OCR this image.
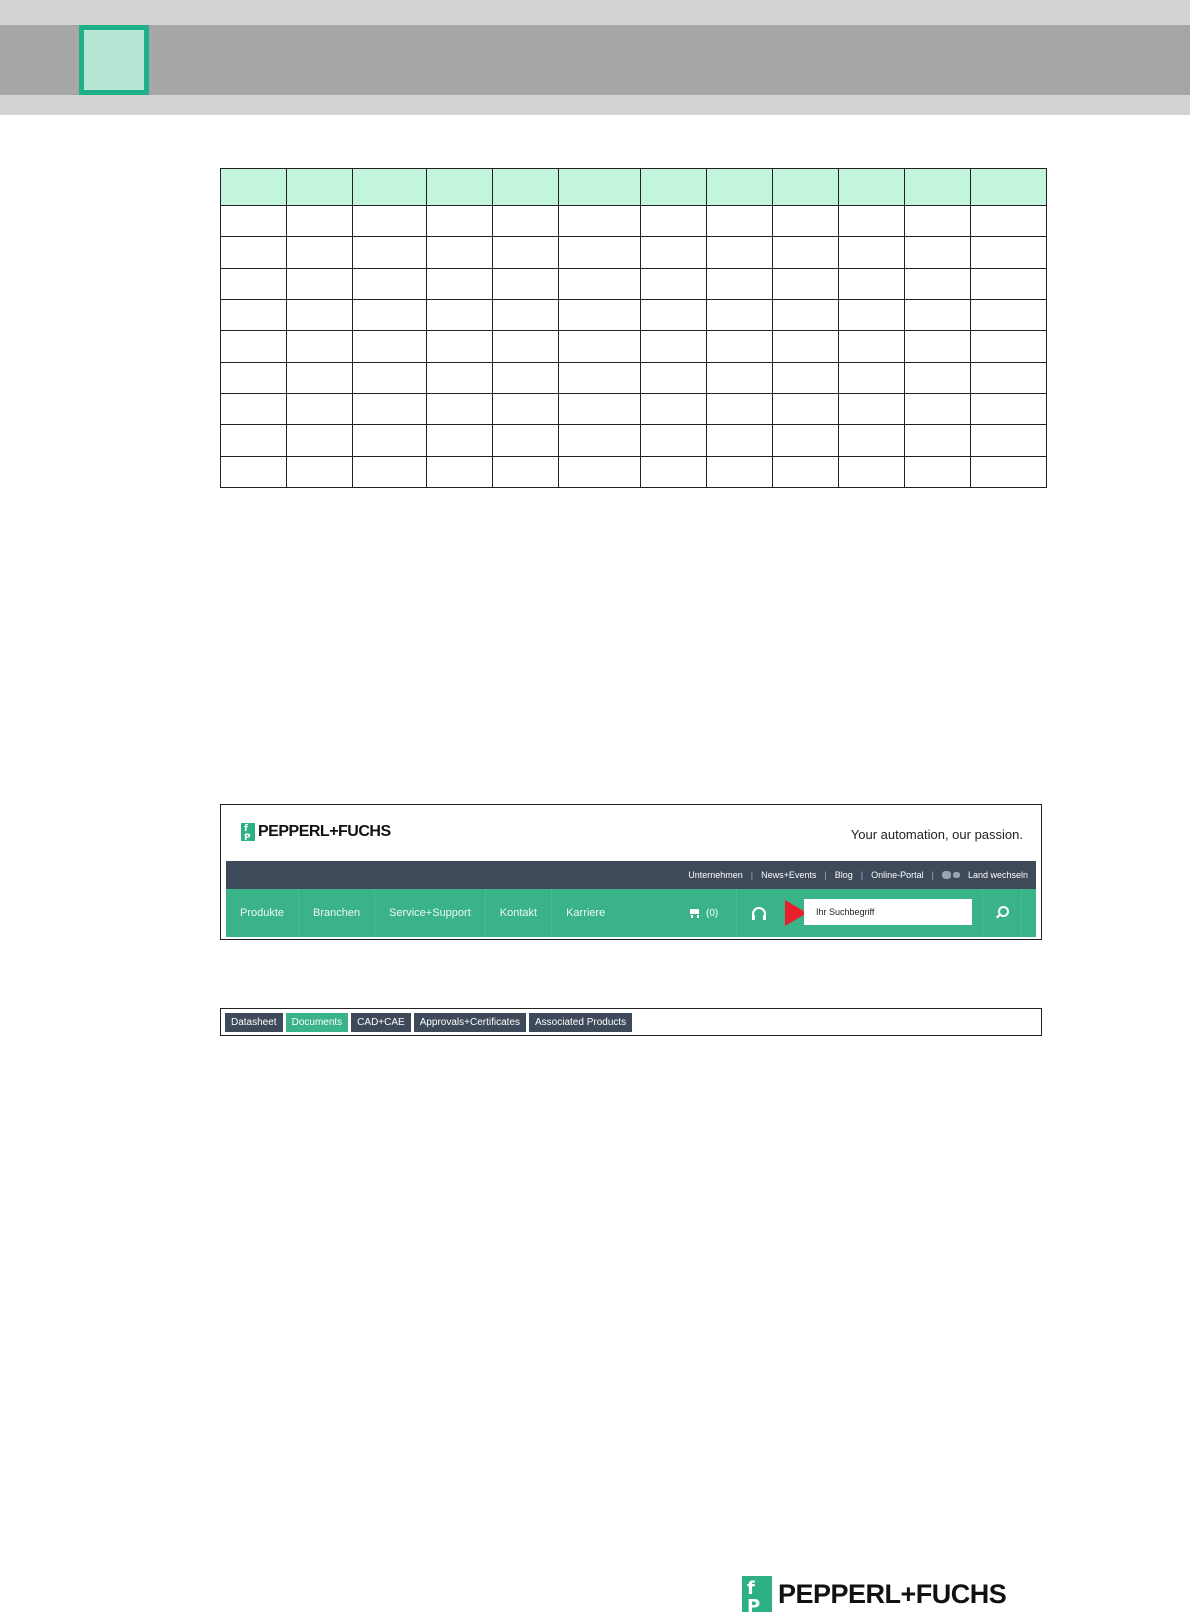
f P PEPPERL+FUCHS	Your automation, our passion.
Unternehmen | News+Events | Blog | Online-Portal |	Land wechseln
Produkte	Branchen	Service+Support	Kontakt	Karriere	(0)
Ihr Suchbegriff
Datasheet	Documents	CAD+CAE	Approvals+Certificates	Associated Products
f P PEPPERL+FUCHS
